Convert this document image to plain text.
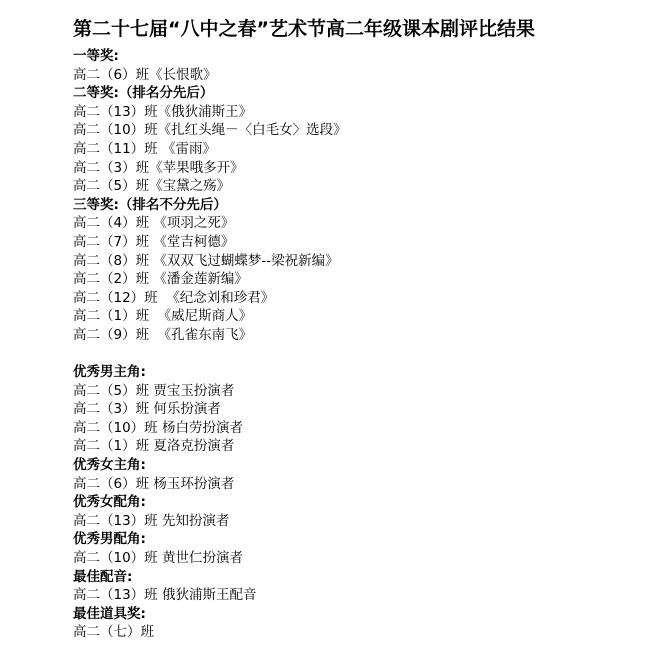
第二十七届“八中之春”艺术节高二年级课本剧评比结果
一等奖:
高二（6）班《长恨歌》
二等奖:（排名分先后）
高二（13）班《俄狄浦斯王》
高二（10）班《扎红头绳－〈白毛女〉选段》
高二（11）班 《雷雨》
高二（3）班《苹果哦多开》
高二（5）班《宝黛之殇》
三等奖:（排名不分先后）
高二（4）班 《项羽之死》
高二（7）班 《堂吉柯德》
高二（8）班 《双双飞过蝴蝶梦--梁祝新编》
高二（2）班 《潘金莲新编》
高二（12）班  《纪念刘和珍君》
高二（1）班  《威尼斯商人》
高二（9）班  《孔雀东南飞》
优秀男主角:
高二（5）班 贾宝玉扮演者
高二（3）班 何乐扮演者
高二（10）班 杨白劳扮演者
高二（1）班 夏洛克扮演者
优秀女主角:
高二（6）班 杨玉环扮演者
优秀女配角:
高二（13）班 先知扮演者
优秀男配角:
高二（10）班 黄世仁扮演者
最佳配音:
高二（13）班 俄狄浦斯王配音
最佳道具奖:
高二（七）班
